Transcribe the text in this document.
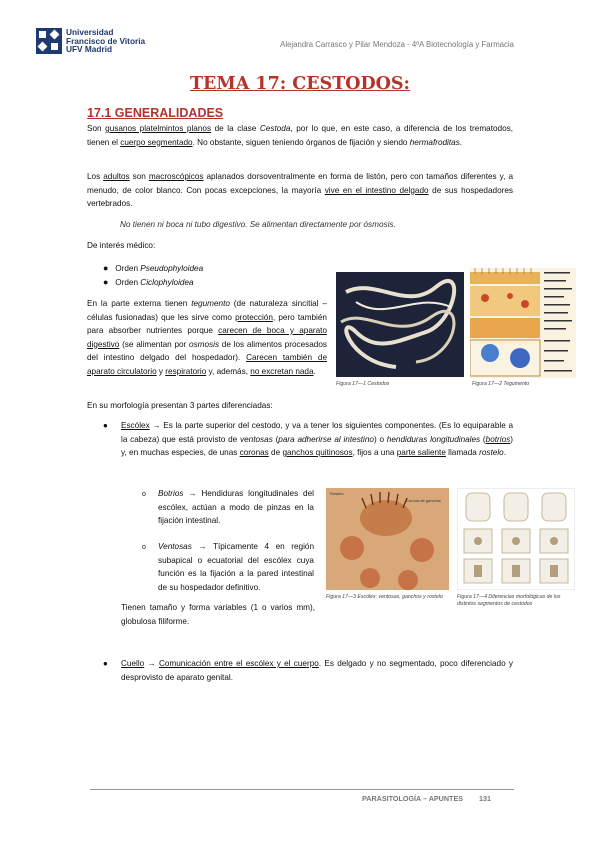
Universidad
Francisco de Vitoria
UFV Madrid	Alejandra Carrasco y Pilar Mendoza - 4ºA Biotecnología y Farmacia
TEMA 17: CESTODOS:
17.1 GENERALIDADES

Son gusanos platelmintos planos de la clase Cestoda, por lo que, en este caso, a diferencia de los trematodos, tienen el cuerpo segmentado. No obstante, siguen teniendo órganos de fijación y siendo hermafroditas.

Los adultos son macroscópicos aplanados dorsoventralmente en forma de listón, pero con tamaños diferentes y, a menudo, de color blanco. Con pocas excepciones, la mayoría vive en el intestino delgado de sus hospedadores vertebrados.

No tienen ni boca ni tubo digestivo. Se alimentan directamente por ósmosis.

De interés médico:

● Orden Pseudophyloidea
● Orden Ciclophyloidea

En la parte externa tienen tegumento (de naturaleza sincitial – células fusionadas) que les sirve como protección, pero también para absorber nutrientes porque carecen de boca y aparato digestivo (se alimentan por osmosis de los alimentos procesados del intestino delgado del hospedador). Carecen también de aparato circulatorio y respiratorio y, además, no excretan nada.

Figura 17—1 Cestodos	Figura 17—2 Tegumento

En su morfología presentan 3 partes diferenciadas:

● Escólex → Es la parte superior del cestodo, y va a tener los siguientes componentes. (Es lo equiparable a la cabeza) que está provisto de ventosas (para adherirse al intestino) o hendiduras longitudinales (botrios) y, en muchas especies, de unas coronas de ganchos quitinosos, fijos a una parte saliente llamada rostelo.

o Botrios → Hendiduras longitudinales del escólex, actúan a modo de pinzas en la fijación intestinal.

o Ventosas → Típicamente 4 en región subapical o ecuatorial del escólex cuya función es la fijación a la pared intestinal de su hospedador definitivo.

Tienen tamaño y forma variables (1 o varios mm), globulosa filiforme.

Rostelo
Corona de ganchos
Figura 17—3 Escólex: ventosas, ganchos y rostelo	Figura 17—4 Diferencias morfológicas de los distintos segmentos de cestodos
● Cuello → Comunicación entre el escólex y el cuerpo. Es delgado y no segmentado, poco diferenciado y desprovisto de aparato genital.

PARASITOLOGÍA – APUNTES 131
